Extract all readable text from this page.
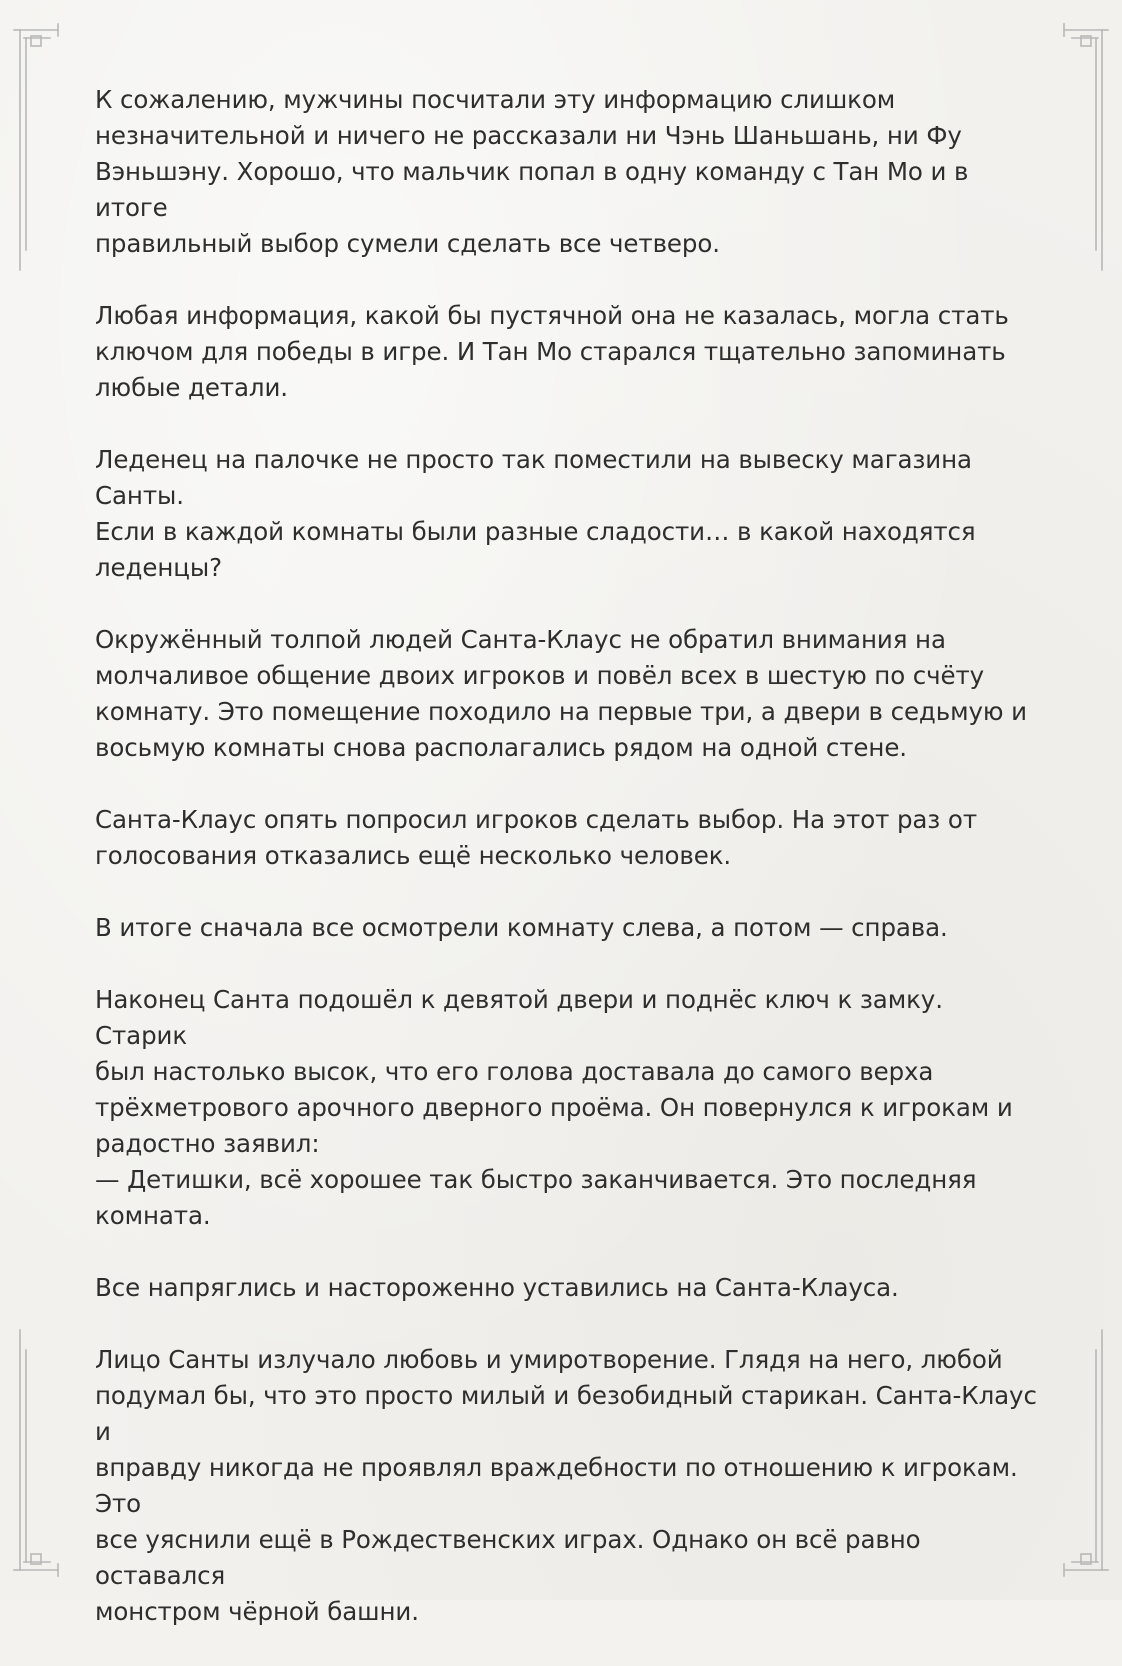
К сожалению, мужчины посчитали эту информацию слишком
незначительной и ничего не рассказали ни Чэнь Шаньшань, ни Фу
Вэньшэну. Хорошо, что мальчик попал в одну команду с Тан Мо и в итоге
правильный выбор сумели сделать все четверо.

Любая информация, какой бы пустячной она не казалась, могла стать
ключом для победы в игре. И Тан Мо старался тщательно запоминать
любые детали.

Леденец на палочке не просто так поместили на вывеску магазина Санты.
Если в каждой комнаты были разные сладости… в какой находятся
леденцы?

Окружённый толпой людей Санта-Клаус не обратил внимания на
молчаливое общение двоих игроков и повёл всех в шестую по счёту
комнату. Это помещение походило на первые три, а двери в седьмую и
восьмую комнаты снова располагались рядом на одной стене.

Санта-Клаус опять попросил игроков сделать выбор. На этот раз от
голосования отказались ещё несколько человек.

В итоге сначала все осмотрели комнату слева, а потом — справа.

Наконец Санта подошёл к девятой двери и поднёс ключ к замку. Старик
был настолько высок, что его голова доставала до самого верха
трёхметрового арочного дверного проёма. Он повернулся к игрокам и
радостно заявил:
— Детишки, всё хорошее так быстро заканчивается. Это последняя
комната.

Все напряглись и настороженно уставились на Санта-Клауса.

Лицо Санты излучало любовь и умиротворение. Глядя на него, любой
подумал бы, что это просто милый и безобидный старикан. Санта-Клаус и
вправду никогда не проявлял враждебности по отношению к игрокам. Это
все уяснили ещё в Рождественских играх. Однако он всё равно оставался
монстром чёрной башни.
